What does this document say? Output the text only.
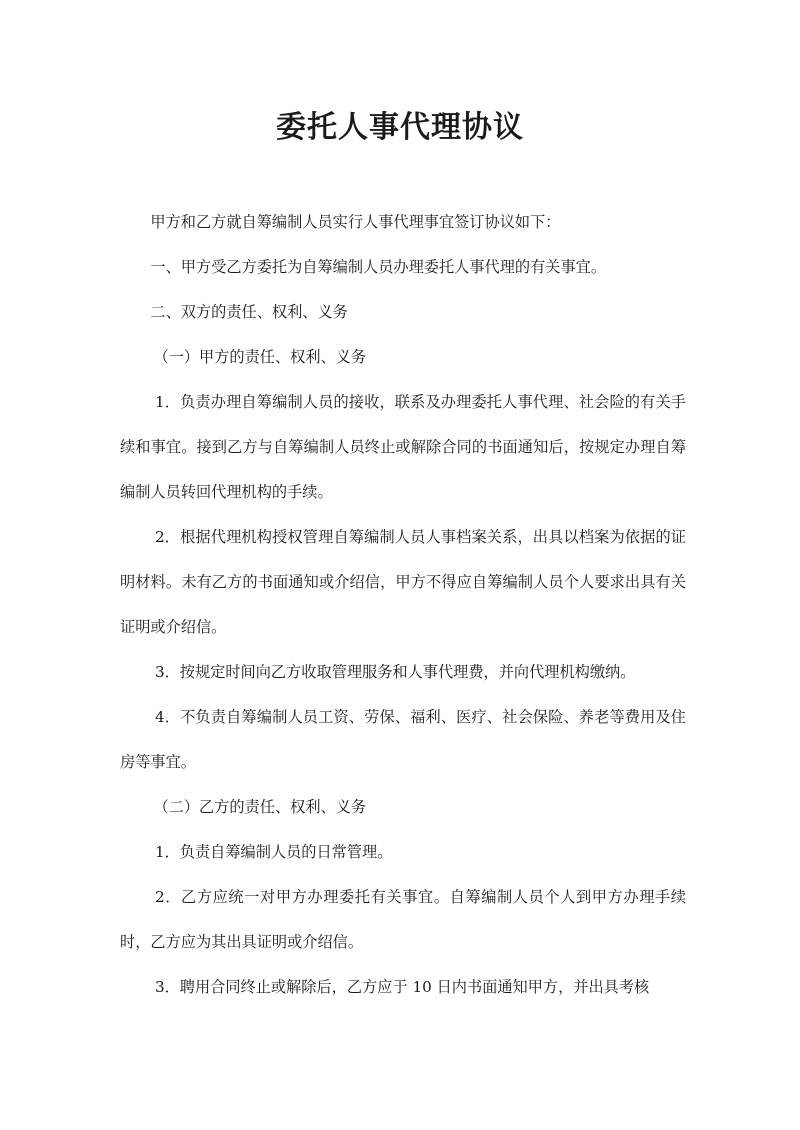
委托人事代理协议

甲方和乙方就自筹编制人员实行人事代理事宜签订协议如下：

一、甲方受乙方委托为自筹编制人员办理委托人事代理的有关事宜。

二、双方的责任、权利、义务

（一）甲方的责任、权利、义务

1．负责办理自筹编制人员的接收，联系及办理委托人事代理、社会险的有关手续和事宜。接到乙方与自筹编制人员终止或解除合同的书面通知后，按规定办理自筹编制人员转回代理机构的手续。

2．根据代理机构授权管理自筹编制人员人事档案关系，出具以档案为依据的证明材料。未有乙方的书面通知或介绍信，甲方不得应自筹编制人员个人要求出具有关证明或介绍信。

3．按规定时间向乙方收取管理服务和人事代理费，并向代理机构缴纳。

4．不负责自筹编制人员工资、劳保、福利、医疗、社会保险、养老等费用及住房等事宜。

（二）乙方的责任、权利、义务

1．负责自筹编制人员的日常管理。

2．乙方应统一对甲方办理委托有关事宜。自筹编制人员个人到甲方办理手续时，乙方应为其出具证明或介绍信。

3．聘用合同终止或解除后，乙方应于 10 日内书面通知甲方，并出具考核
